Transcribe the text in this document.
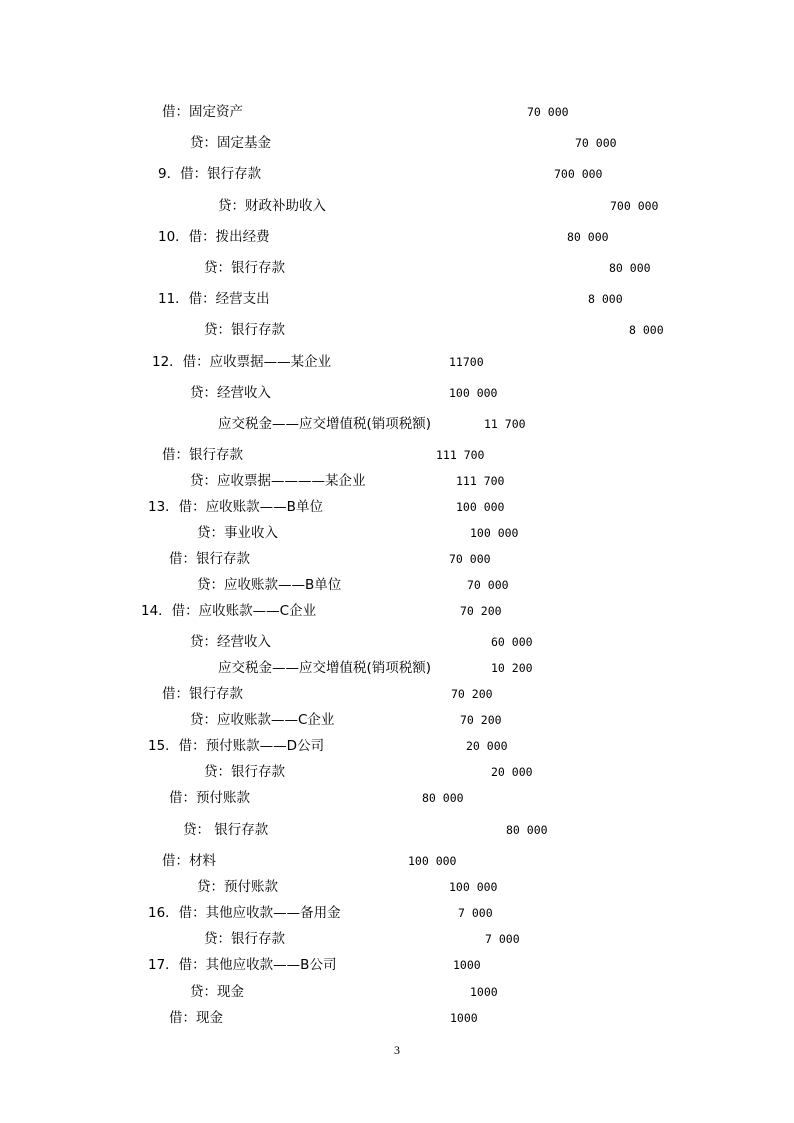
借：固定资产	70 000
贷：固定基金	70 000
9．借：银行存款	700 000
贷：财政补助收入	700 000
10．借：拨出经费	80 000
贷：银行存款	80 000
11．借：经营支出	8 000
贷：银行存款	8 000
12．借：应收票据——某企业	11700
贷：经营收入	100 000
应交税金——应交增值税(销项税额)	11 700
借：银行存款	111 700
贷：应收票据————某企业	111 700
13．借：应收账款——B单位	100 000
贷：事业收入	100 000
借：银行存款	70 000
贷：应收账款——B单位	70 000
14．借：应收账款——C企业	70 200
贷：经营收入	60 000
应交税金——应交增值税(销项税额)	10 200
借：银行存款	70 200
贷：应收账款——C企业	70 200
15．借：预付账款——D公司	20 000
贷：银行存款	20 000
借：预付账款	80 000
贷： 银行存款	80 000
借：材料	100 000
贷：预付账款	100 000
16．借：其他应收款——备用金	7 000
贷：银行存款	7 000
17．借：其他应收款——B公司	1000
贷：现金	1000
借：现金	1000
3
